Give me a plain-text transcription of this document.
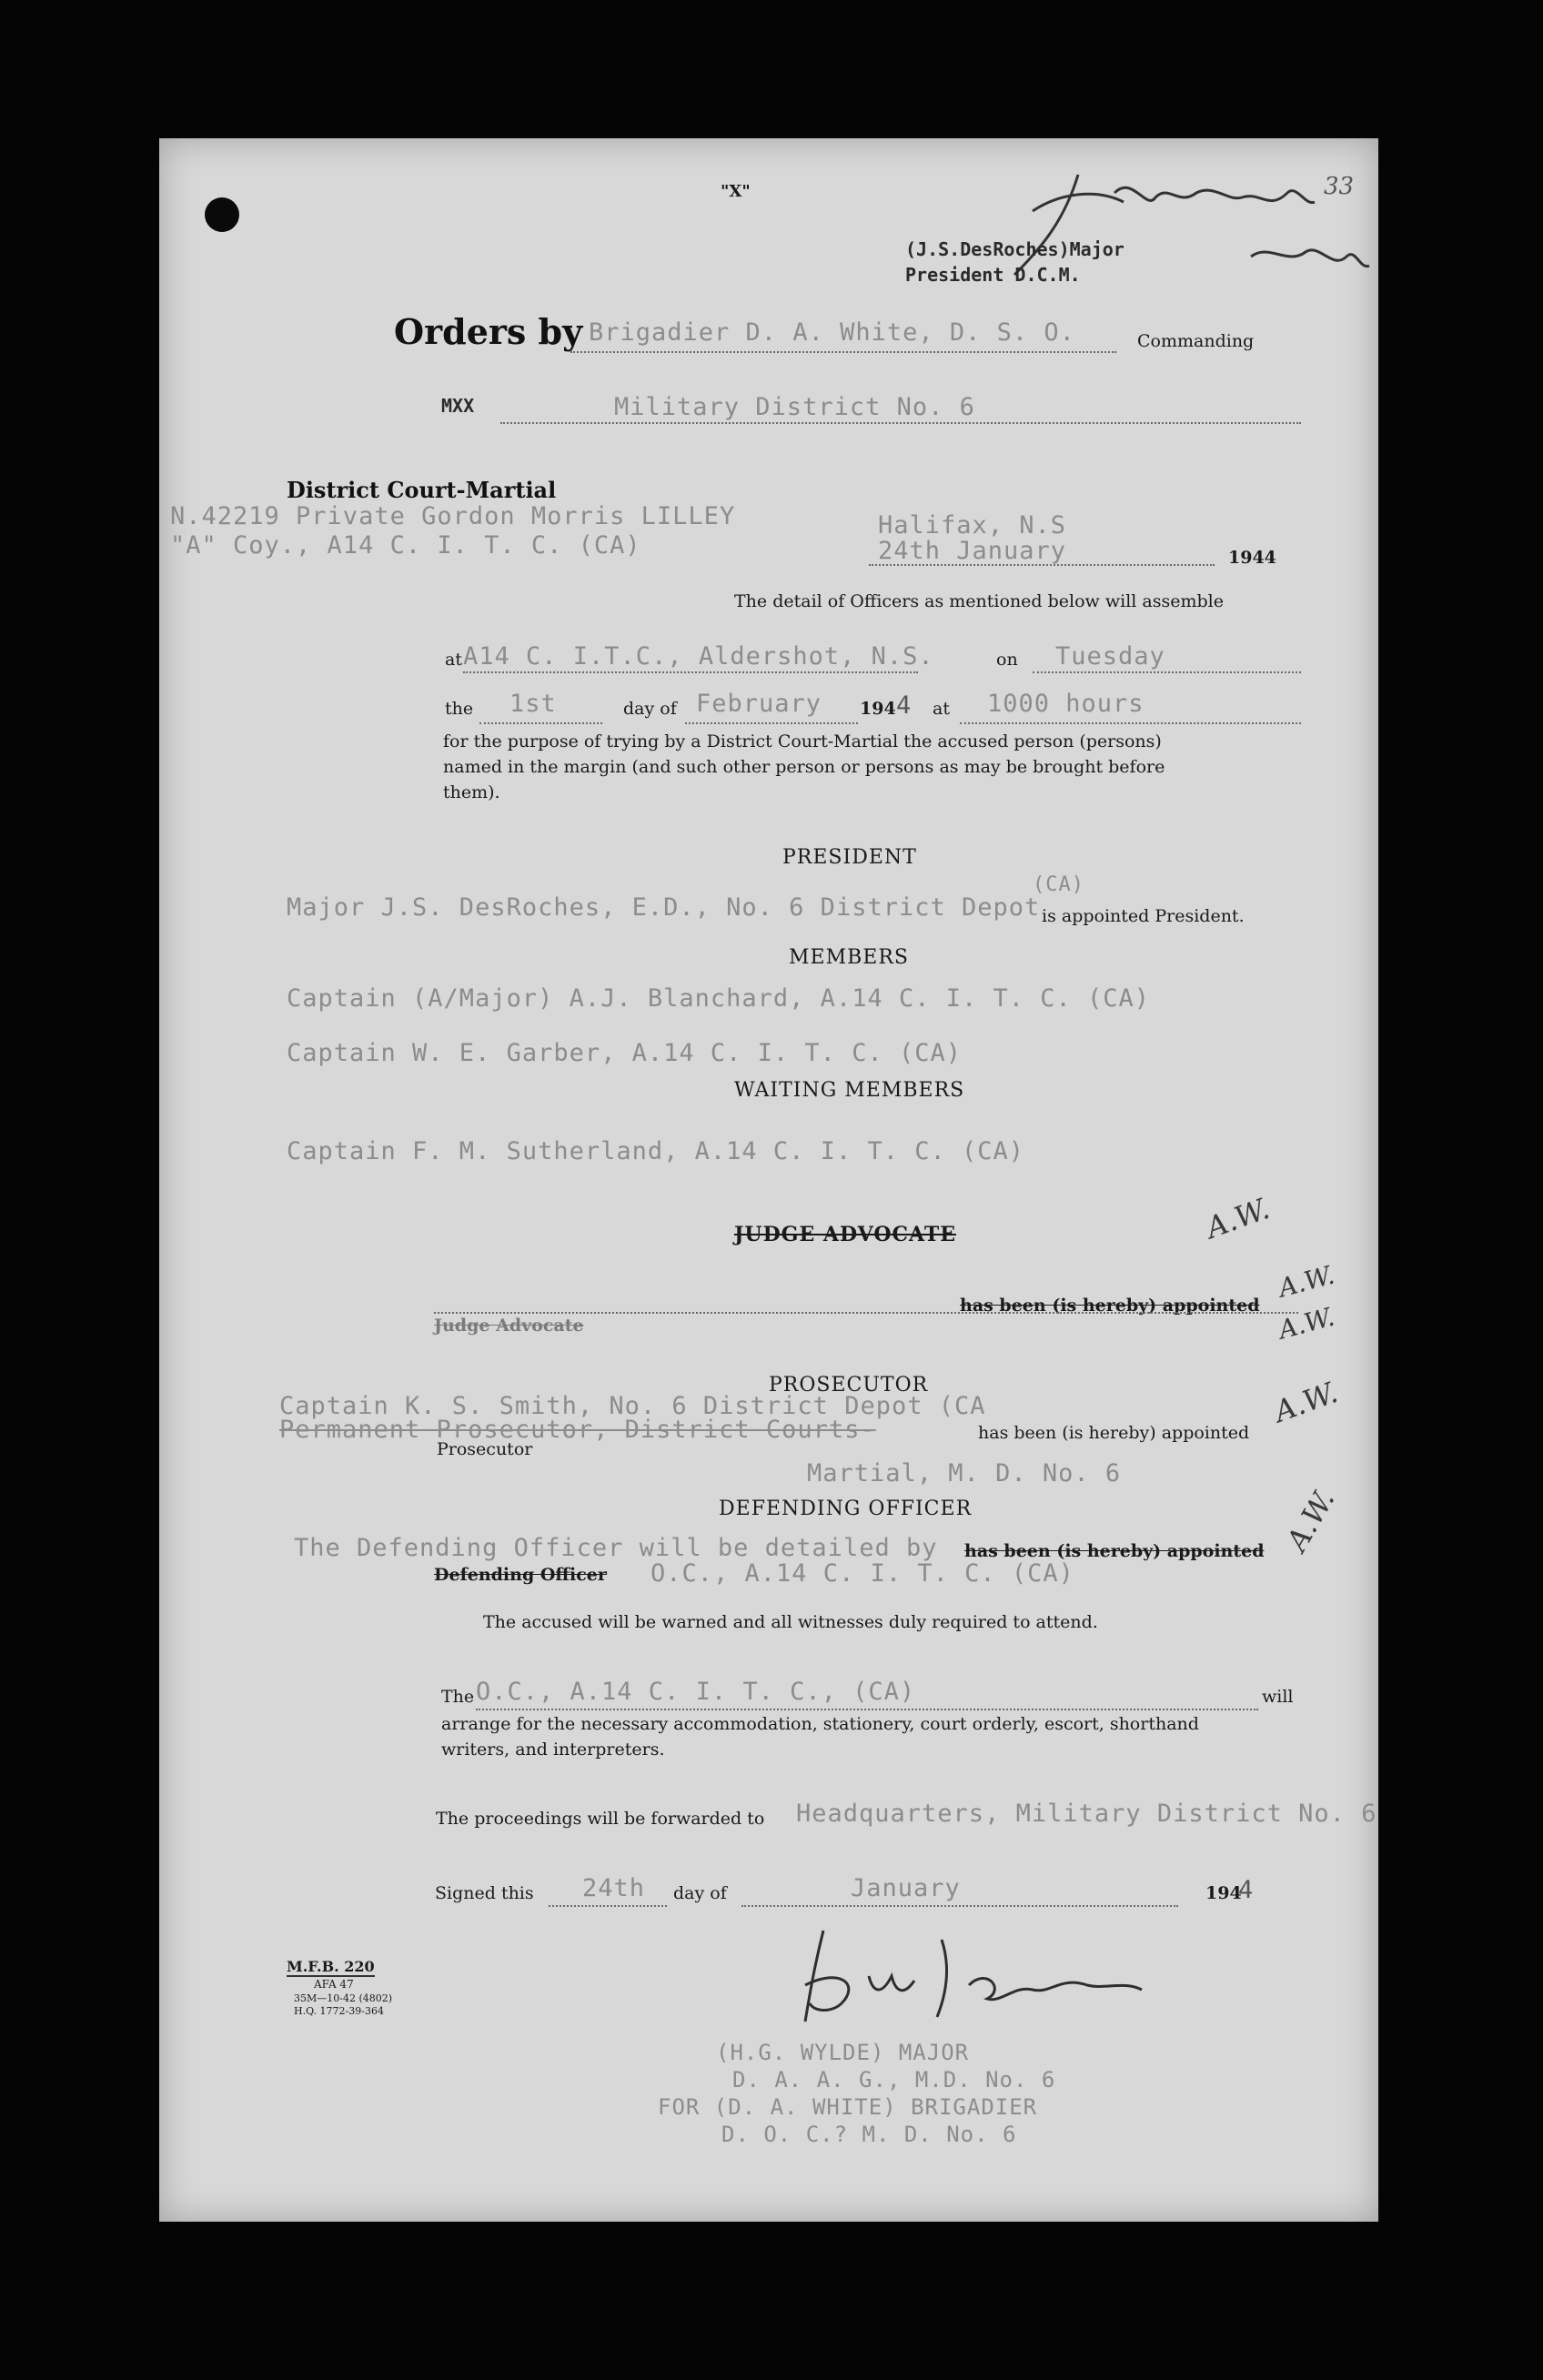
"X"	33
(J.S.DesRoches)Major
President D.C.M.
Orders by Brigadier D. A. White, D. S. O.	Commanding
MXX	Military District No. 6
District Court-Martial
N.42219 Private Gordon Morris LILLEY
"A" Coy., A14 C. I. T. C. (CA)
Halifax, N.S
24th January	1944
The detail of Officers as mentioned below will assemble
at A14 C. I.T.C., Aldershot, N.S.	on Tuesday
the 1st	day of February 194 4 at 1000 hours
for the purpose of trying by a District Court-Martial the accused person (persons)
named in the margin (and such other person or persons as may be brought before
them).
PRESIDENT
Major J.S. DesRoches, E.D., No. 6 District Depot
(CA)
is appointed President.
MEMBERS
Captain (A/Major) A.J. Blanchard, A.14 C. I. T. C. (CA)
Captain W. E. Garber, A.14 C. I. T. C. (CA)
WAITING MEMBERS
Captain F. M. Sutherland, A.14 C. I. T. C. (CA)
JUDGE ADVOCATE
Judge Advocate
has been (is hereby) appointed
PROSECUTOR
Captain K. S. Smith, No. 6 District Depot (CA
Permanent Prosecutor, District Courts-
Prosecutor
has been (is hereby) appointed
Martial, M. D. No. 6
DEFENDING OFFICER
The Defending Officer will be detailed by has been (is hereby) appointed
Defending Officer O.C., A.14 C. I. T. C. (CA)
The accused will be warned and all witnesses duly required to attend.
The O.C., A.14 C. I. T. C., (CA)	will
arrange for the necessary accommodation, stationery, court orderly, escort, shorthand
writers, and interpreters.
The proceedings will be forwarded to Headquarters, Military District No. 6
Signed this 24th day of	January	194
4
M.F.B. 220
AFA 47
35M—10-42 (4802)
H.Q. 1772-39-364
(H.G. WYLDE) MAJOR
D. A. A. G., M.D. No. 6
FOR (D. A. WHITE) BRIGADIER
D. O. C.? M. D. No. 6
A.W.
A.W.
A.W.
A.W.
A.W.
